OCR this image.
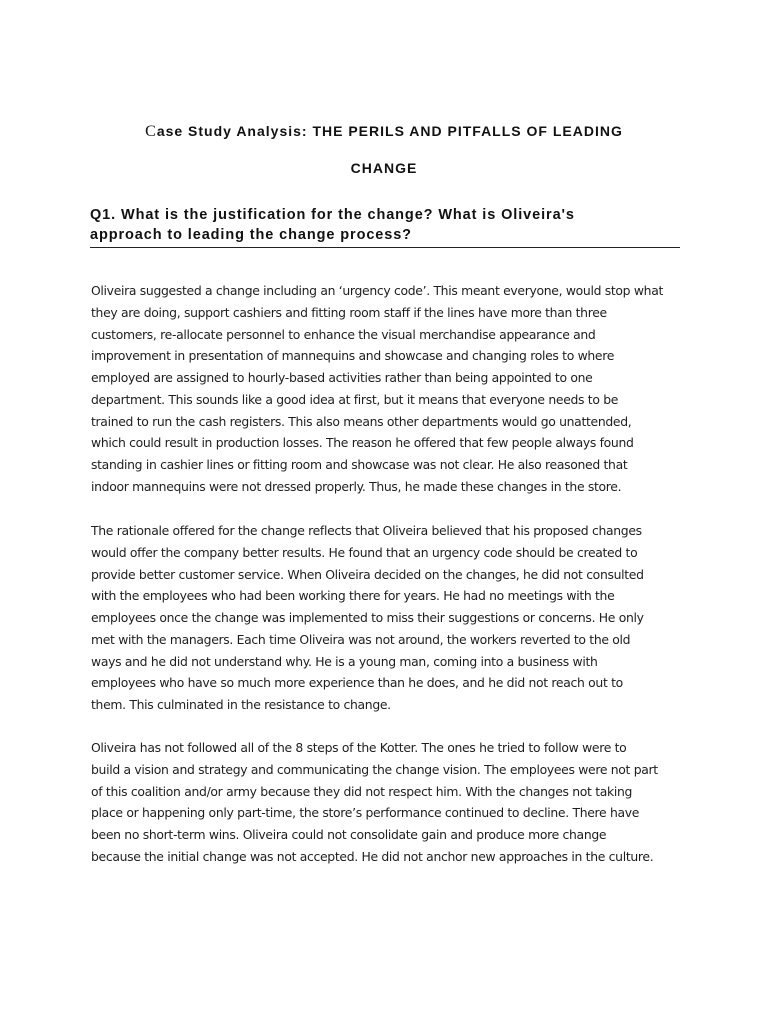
Case Study Analysis: THE PERILS AND PITFALLS OF LEADING
CHANGE
Q1. What is the justification for the change? What is Oliveira's
approach to leading the change process?
Oliveira suggested a change including an ‘urgency code’. This meant everyone, would stop what
they are doing, support cashiers and fitting room staff if the lines have more than three
customers, re-allocate personnel to enhance the visual merchandise appearance and
improvement in presentation of mannequins and showcase and changing roles to where
employed are assigned to hourly-based activities rather than being appointed to one
department. This sounds like a good idea at first, but it means that everyone needs to be
trained to run the cash registers. This also means other departments would go unattended,
which could result in production losses. The reason he offered that few people always found
standing in cashier lines or fitting room and showcase was not clear. He also reasoned that
indoor mannequins were not dressed properly. Thus, he made these changes in the store.
The rationale offered for the change reflects that Oliveira believed that his proposed changes
would offer the company better results. He found that an urgency code should be created to
provide better customer service. When Oliveira decided on the changes, he did not consulted
with the employees who had been working there for years. He had no meetings with the
employees once the change was implemented to miss their suggestions or concerns. He only
met with the managers. Each time Oliveira was not around, the workers reverted to the old
ways and he did not understand why. He is a young man, coming into a business with
employees who have so much more experience than he does, and he did not reach out to
them. This culminated in the resistance to change.
Oliveira has not followed all of the 8 steps of the Kotter. The ones he tried to follow were to
build a vision and strategy and communicating the change vision. The employees were not part
of this coalition and/or army because they did not respect him. With the changes not taking
place or happening only part-time, the store’s performance continued to decline. There have
been no short-term wins. Oliveira could not consolidate gain and produce more change
because the initial change was not accepted. He did not anchor new approaches in the culture.
